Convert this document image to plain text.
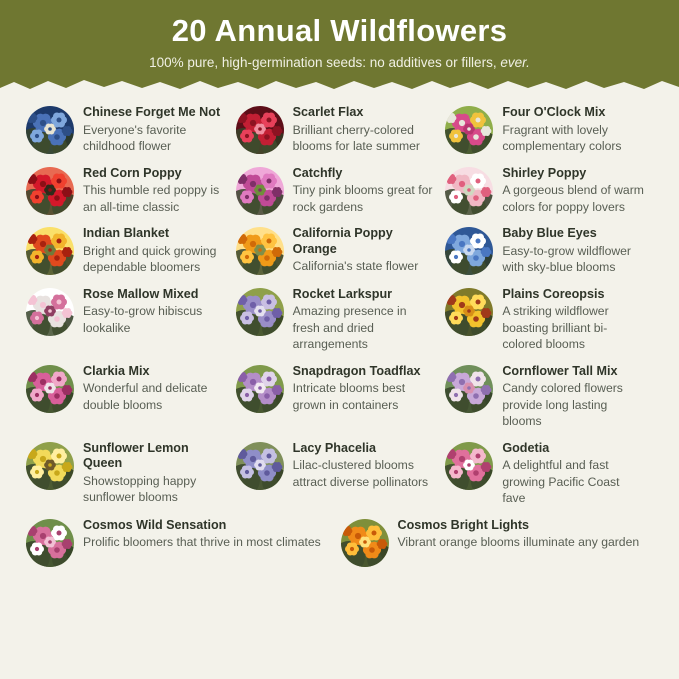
20 Annual Wildflowers
100% pure, high-germination seeds: no additives or fillers, ever.
Chinese Forget Me Not
Everyone's favorite childhood flower
Scarlet Flax
Brilliant cherry-colored blooms for late summer
Four O'Clock Mix
Fragrant with lovely complementary colors
Red Corn Poppy
This humble red poppy is an all-time classic
Catchfly
Tiny pink blooms great for rock gardens
Shirley Poppy
A gorgeous blend of warm colors for poppy lovers
Indian Blanket
Bright and quick growing dependable bloomers
California Poppy Orange
California's state flower
Baby Blue Eyes
Easy-to-grow wildflower with sky-blue blooms
Rose Mallow Mixed
Easy-to-grow hibiscus lookalike
Rocket Larkspur
Amazing presence in fresh and dried arrangements
Plains Coreopsis
A striking wildflower boasting brilliant bi-colored blooms
Clarkia Mix
Wonderful and delicate double blooms
Snapdragon Toadflax
Intricate blooms best grown in containers
Cornflower Tall Mix
Candy colored flowers provide long lasting blooms
Sunflower Lemon Queen
Showstopping happy sunflower blooms
Lacy Phacelia
Lilac-clustered blooms attract diverse pollinators
Godetia
A delightful and fast growing Pacific Coast fave
Cosmos Wild Sensation
Prolific bloomers that thrive in most climates
Cosmos Bright Lights
Vibrant orange blooms illuminate any garden
